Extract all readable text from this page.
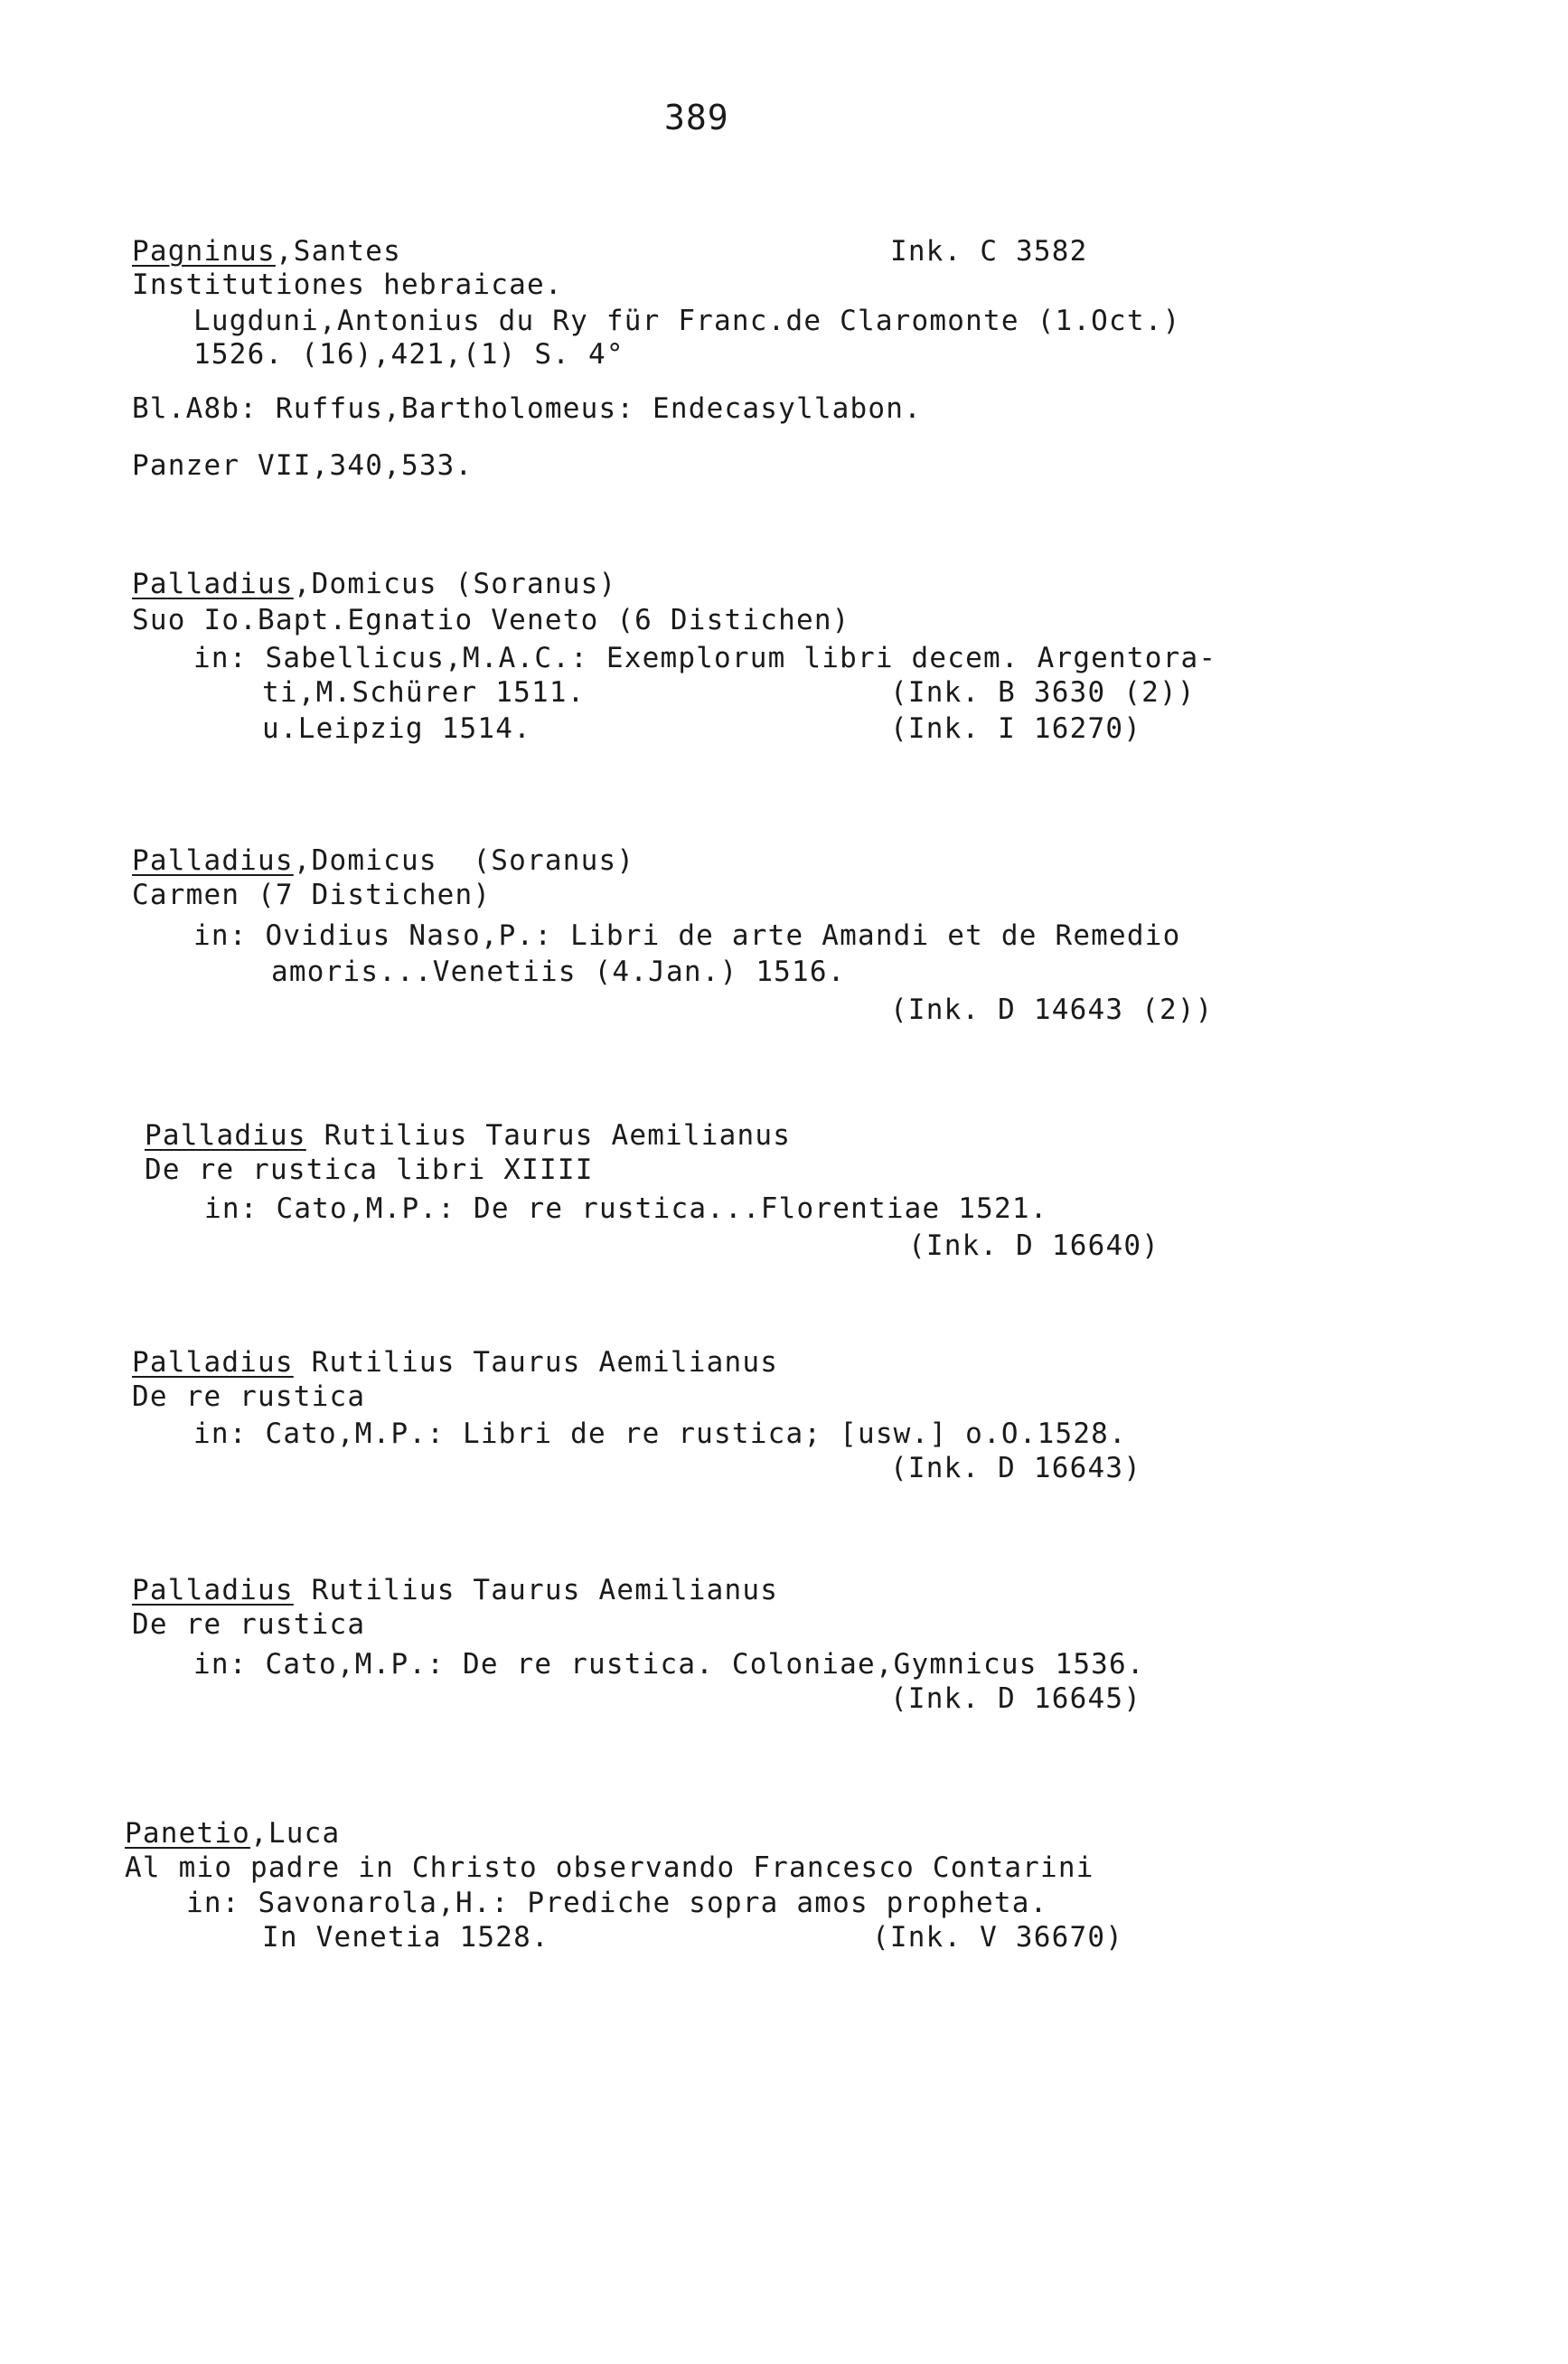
389
Pagninus,Santes	Ink. C 3582
Institutiones hebraicae.
Lugduni,Antonius du Ry für Franc.de Claromonte (1.Oct.)
1526. (16),421,(1) S. 4°
Bl.A8b: Ruffus,Bartholomeus: Endecasyllabon.
Panzer VII,340,533.
Palladius,Domicus (Soranus)
Suo Io.Bapt.Egnatio Veneto (6 Distichen)
in: Sabellicus,M.A.C.: Exemplorum libri decem. Argentora-
ti,M.Schürer 1511.	(Ink. B 3630 (2))
u.Leipzig 1514.	(Ink. I 16270)
Palladius,Domicus  (Soranus)
Carmen (7 Distichen)
in: Ovidius Naso,P.: Libri de arte Amandi et de Remedio
amoris...Venetiis (4.Jan.) 1516.
(Ink. D 14643 (2))
Palladius Rutilius Taurus Aemilianus
De re rustica libri XIIII
in: Cato,M.P.: De re rustica...Florentiae 1521.
(Ink. D 16640)
Palladius Rutilius Taurus Aemilianus
De re rustica
in: Cato,M.P.: Libri de re rustica; [usw.] o.O.1528.
(Ink. D 16643)
Palladius Rutilius Taurus Aemilianus
De re rustica
in: Cato,M.P.: De re rustica. Coloniae,Gymnicus 1536.
(Ink. D 16645)
Panetio,Luca
Al mio padre in Christo observando Francesco Contarini
in: Savonarola,H.: Prediche sopra amos propheta.
In Venetia 1528.	(Ink. V 36670)
